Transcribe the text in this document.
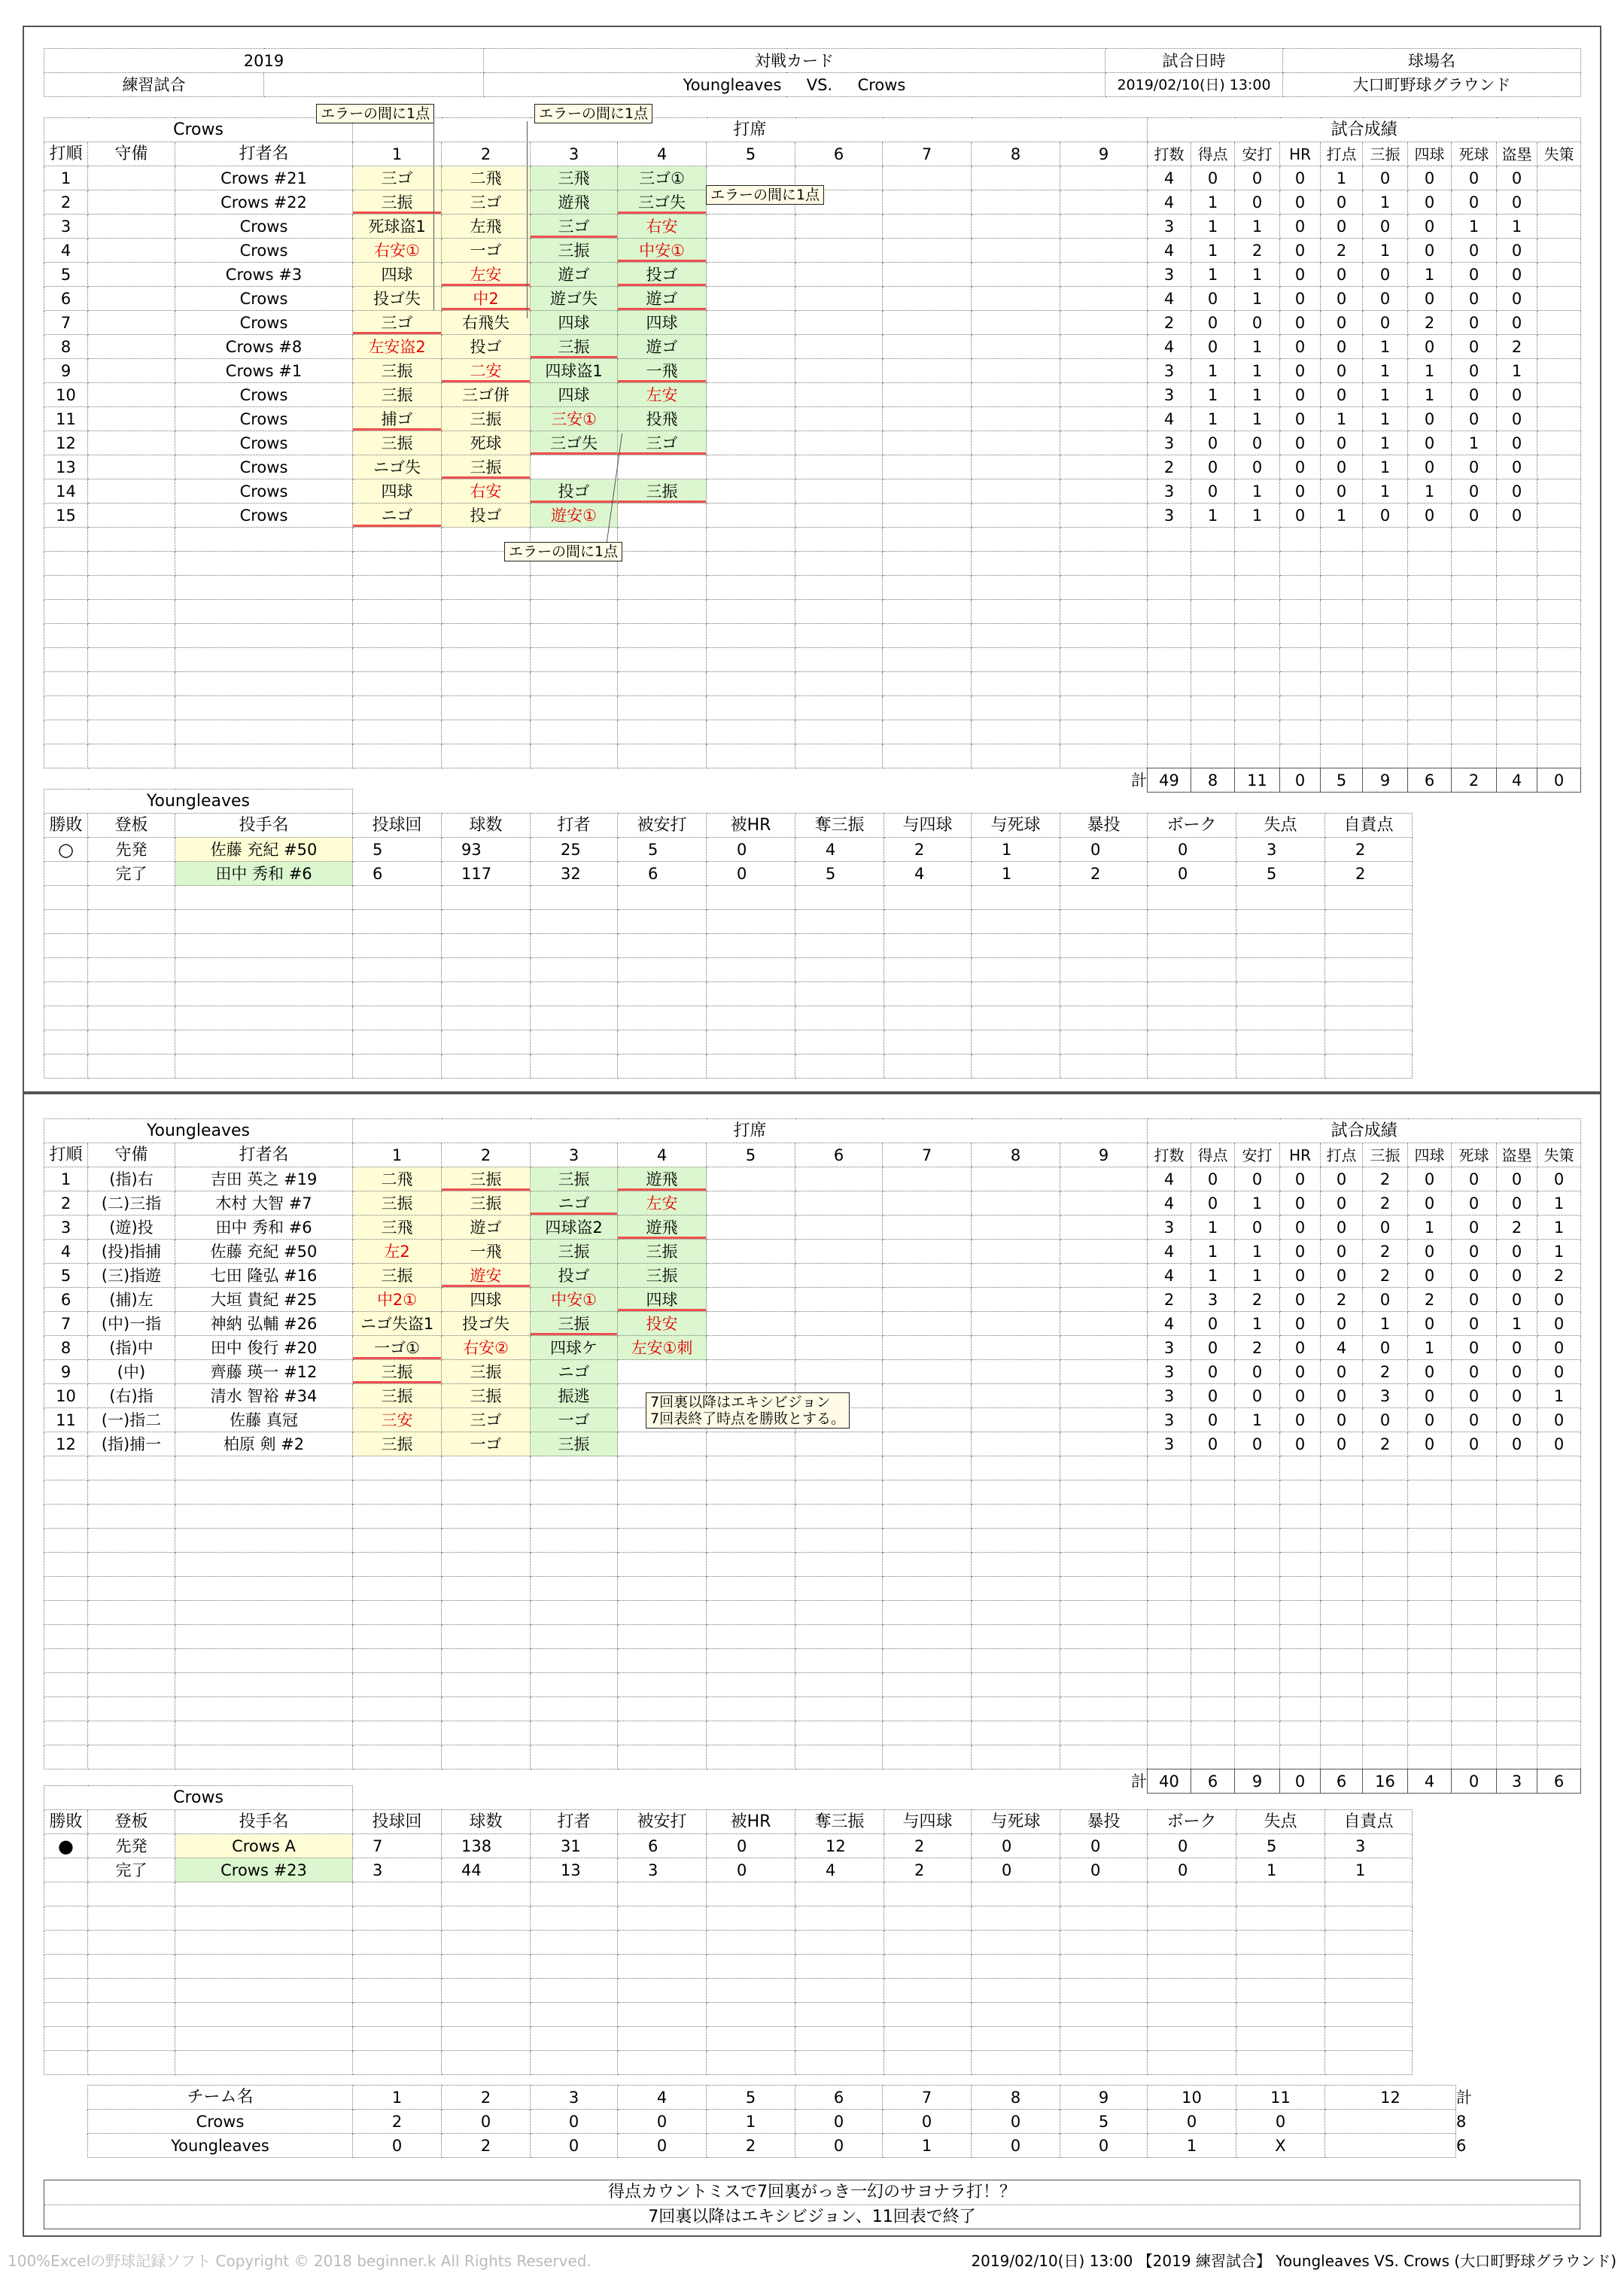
2019		対戦カード	試合日時	球場名
練習試合		Youngleaves VS. Crows	2019/02/10(日) 13:00	大口町野球グラウンド
Crows			打席									試合成績									
打順	守備	打者名	1	2	3	4	5	6	7	8	9	打数	得点	安打	HR	打点	三振	四球	死球	盗塁	失策
1		Crows #21	三ゴ	二飛	三飛	三ゴ①						4	0	0	0	1	0	0	0	0	
2		Crows #22	三振	三ゴ	遊飛	三ゴ失						4	1	0	0	0	1	0	0	0	
3		Crows	死球盗1	左飛	三ゴ	右安						3	1	1	0	0	0	0	1	1	
4		Crows	右安①	一ゴ	三振	中安①						4	1	2	0	2	1	0	0	0	
5		Crows #3	四球	左安	遊ゴ	投ゴ						3	1	1	0	0	0	1	0	0	
6		Crows	投ゴ失	中2	遊ゴ失	遊ゴ						4	0	1	0	0	0	0	0	0	
7		Crows	三ゴ	右飛失	四球	四球						2	0	0	0	0	0	2	0	0	
8		Crows #8	左安盗2	投ゴ	三振	遊ゴ						4	0	1	0	0	1	0	0	2	
9		Crows #1	三振	二安	四球盗1	一飛						3	1	1	0	0	1	1	0	1	
10		Crows	三振	三ゴ併	四球	左安						3	1	1	0	0	1	1	0	0	
11		Crows	捕ゴ	三振	三安①	投飛						4	1	1	0	1	1	0	0	0	
12		Crows	三振	死球	三ゴ失	三ゴ						3	0	0	0	0	1	0	1	0	
13		Crows	ニゴ失	三振								2	0	0	0	0	1	0	0	0	
14		Crows	四球	右安	投ゴ	三振						3	0	1	0	0	1	1	0	0	
15		Crows	ニゴ	投ゴ	遊安①							3	1	1	0	1	0	0	0	0	

計												49	8	11	0	5	9	6	2	4	0
Youngleaves														
勝敗	登板	投手名	投球回	球数	打者	被安打	被HR	奪三振	与四球	与死球	暴投	ボーク	失点	自責点
○	先発	佐藤 充紀 #50	5	93	25	5	0	4	2	1	0	0	3	2
	完了	田中 秀和 #6	6	117	32	6	0	5	4	1	2	0	5	2

Youngleaves			打席									試合成績									
打順	守備	打者名	1	2	3	4	5	6	7	8	9	打数	得点	安打	HR	打点	三振	四球	死球	盗塁	失策
1	(指)右	吉田 英之 #19	二飛	三振	三振	遊飛						4	0	0	0	0	2	0	0	0	0
2	(二)三指	木村 大智 #7	三振	三振	ニゴ	左安						4	0	1	0	0	2	0	0	0	1
3	(遊)投	田中 秀和 #6	三飛	遊ゴ	四球盗2	遊飛						3	1	0	0	0	0	1	0	2	1
4	(投)指捕	佐藤 充紀 #50	左2	一飛	三振	三振						4	1	1	0	0	2	0	0	0	1
5	(三)指遊	七田 隆弘 #16	三振	遊安	投ゴ	三振						4	1	1	0	0	2	0	0	0	2
6	(捕)左	大垣 貴紀 #25	中2①	四球	中安①	四球						2	3	2	0	2	0	2	0	0	0
7	(中)一指	神納 弘輔 #26	ニゴ失盗1	投ゴ失	三振	投安						4	0	1	0	0	1	0	0	1	0
8	(指)中	田中 俊行 #20	一ゴ①	右安②	四球ケ	左安①刺						3	0	2	0	4	0	1	0	0	0
9	(中)	齊藤 瑛一 #12	三振	三振	ニゴ							3	0	0	0	0	2	0	0	0	0
10	(右)指	清水 智裕 #34	三振	三振	振逃							3	0	0	0	0	3	0	0	0	1
11	(一)指二	佐藤 真冠	三安	三ゴ	一ゴ							3	0	1	0	0	0	0	0	0	0
12	(指)捕一	柏原 剣 #2	三振	一ゴ	三振							3	0	0	0	0	2	0	0	0	0

計												40	6	9	0	6	16	4	0	3	6
Crows														
勝敗	登板	投手名	投球回	球数	打者	被安打	被HR	奪三振	与四球	与死球	暴投	ボーク	失点	自責点
●	先発	Crows A	7	138	31	6	0	12	2	0	0	0	5	3
	完了	Crows #23	3	44	13	3	0	4	2	0	0	0	1	1

エラーの間に1点	エラーの間に1点
エラーの間に1点
エラーの間に1点
7回裏以降はエキシビジョン
7回表終了時点を勝敗とする。
チーム名	1	2	3	4	5	6	7	8	9	10	11	12	計
Crows	2	0	0	0	1	0	0	0	5	0	0		8
Youngleaves	0	2	0	0	2	0	1	0	0	1	X		6
得点カウントミスで7回裏がっき一幻のサヨナラ打！？
7回裏以降はエキシビジョン、11回表で終了
100%Excelの野球記録ソフト Copyright © 2018 beginner.k All Rights Reserved.	2019/02/10(日) 13:00 【2019 練習試合】 Youngleaves VS. Crows (大口町野球グラウンド)
